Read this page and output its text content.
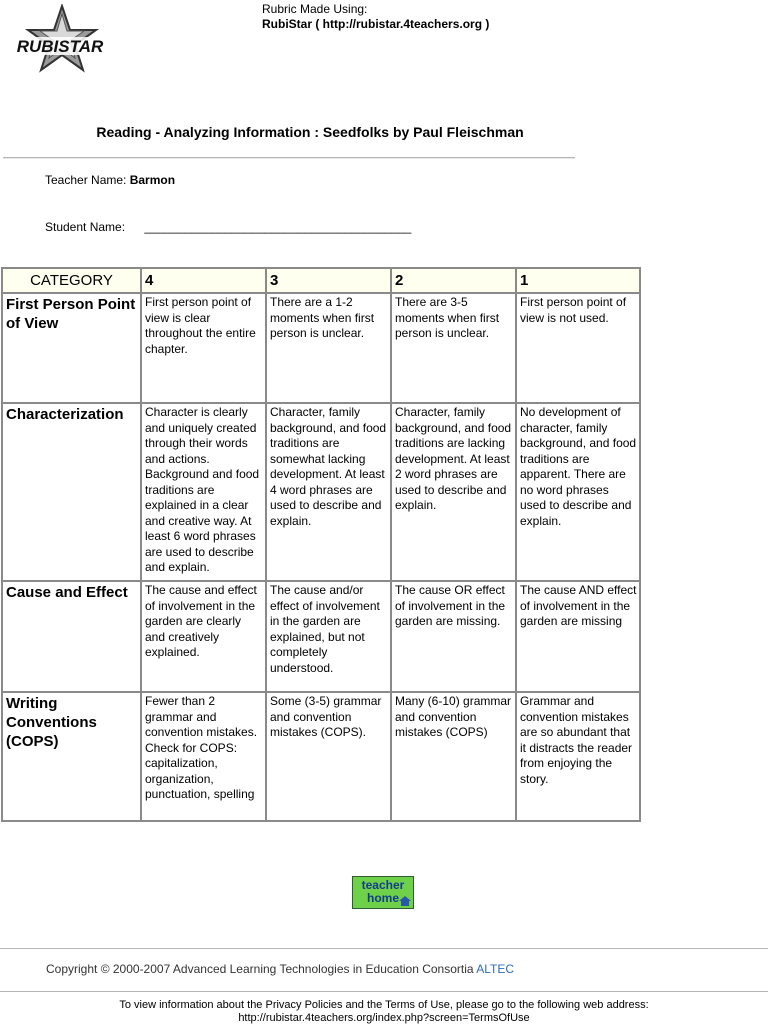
RUBISTAR
Rubric Made Using:
RubiStar ( http://rubistar.4teachers.org )
Reading - Analyzing Information : Seedfolks by Paul Fleischman
Teacher Name: Barmon
Student Name: ________________________________________
CATEGORY	4	3	2	1
First Person Point of View	First person point of view is clear throughout the entire chapter.	There are a 1-2 moments when first person is unclear.	There are 3-5 moments when first person is unclear.	First person point of view is not used.
Characterization	Character is clearly and uniquely created through their words and actions. Background and food traditions are explained in a clear and creative way. At least 6 word phrases are used to describe and explain.	Character, family background, and food traditions are somewhat lacking development. At least 4 word phrases are used to describe and explain.	Character, family background, and food traditions are lacking development. At least 2 word phrases are used to describe and explain.	No development of character, family background, and food traditions are apparent. There are no word phrases used to describe and explain.
Cause and Effect	The cause and effect of involvement in the garden are clearly and creatively explained.	The cause and/or effect of involvement in the garden are explained, but not completely understood.	The cause OR effect of involvement in the garden are missing.	The cause AND effect of involvement in the garden are missing
Writing Conventions (COPS)	Fewer than 2 grammar and convention mistakes. Check for COPS: capitalization, organization, punctuation, spelling	Some (3-5) grammar and convention mistakes (COPS).	Many (6-10) grammar and convention mistakes (COPS)	Grammar and convention mistakes are so abundant that it distracts the reader from enjoying the story.
teacher
home
Copyright © 2000-2007 Advanced Learning Technologies in Education Consortia ALTEC
To view information about the Privacy Policies and the Terms of Use, please go to the following web address:
http://rubistar.4teachers.org/index.php?screen=TermsOfUse
